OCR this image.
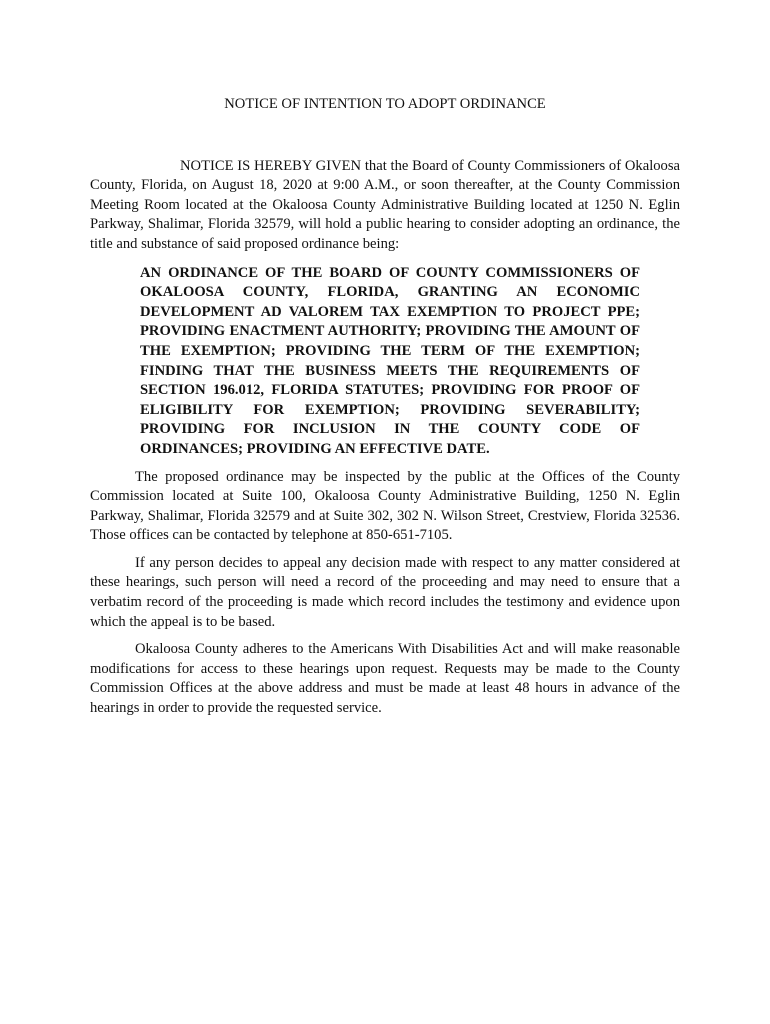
NOTICE OF INTENTION TO ADOPT ORDINANCE

NOTICE IS HEREBY GIVEN that the Board of County Commissioners of Okaloosa County, Florida, on August 18, 2020 at 9:00 A.M., or soon thereafter, at the County Commission Meeting Room located at the Okaloosa County Administrative Building located at 1250 N. Eglin Parkway, Shalimar, Florida 32579, will hold a public hearing to consider adopting an ordinance, the title and substance of said proposed ordinance being:

AN ORDINANCE OF THE BOARD OF COUNTY COMMISSIONERS OF OKALOOSA COUNTY, FLORIDA, GRANTING AN ECONOMIC DEVELOPMENT AD VALOREM TAX EXEMPTION TO PROJECT PPE; PROVIDING ENACTMENT AUTHORITY; PROVIDING THE AMOUNT OF THE EXEMPTION; PROVIDING THE TERM OF THE EXEMPTION; FINDING THAT THE BUSINESS MEETS THE REQUIREMENTS OF SECTION 196.012, FLORIDA STATUTES; PROVIDING FOR PROOF OF ELIGIBILITY FOR EXEMPTION; PROVIDING SEVERABILITY; PROVIDING FOR INCLUSION IN THE COUNTY CODE OF ORDINANCES; PROVIDING AN EFFECTIVE DATE.

The proposed ordinance may be inspected by the public at the Offices of the County Commission located at Suite 100, Okaloosa County Administrative Building, 1250 N. Eglin Parkway, Shalimar, Florida 32579 and at Suite 302, 302 N. Wilson Street, Crestview, Florida 32536. Those offices can be contacted by telephone at 850-651-7105.

If any person decides to appeal any decision made with respect to any matter considered at these hearings, such person will need a record of the proceeding and may need to ensure that a verbatim record of the proceeding is made which record includes the testimony and evidence upon which the appeal is to be based.

Okaloosa County adheres to the Americans With Disabilities Act and will make reasonable modifications for access to these hearings upon request. Requests may be made to the County Commission Offices at the above address and must be made at least 48 hours in advance of the hearings in order to provide the requested service.
